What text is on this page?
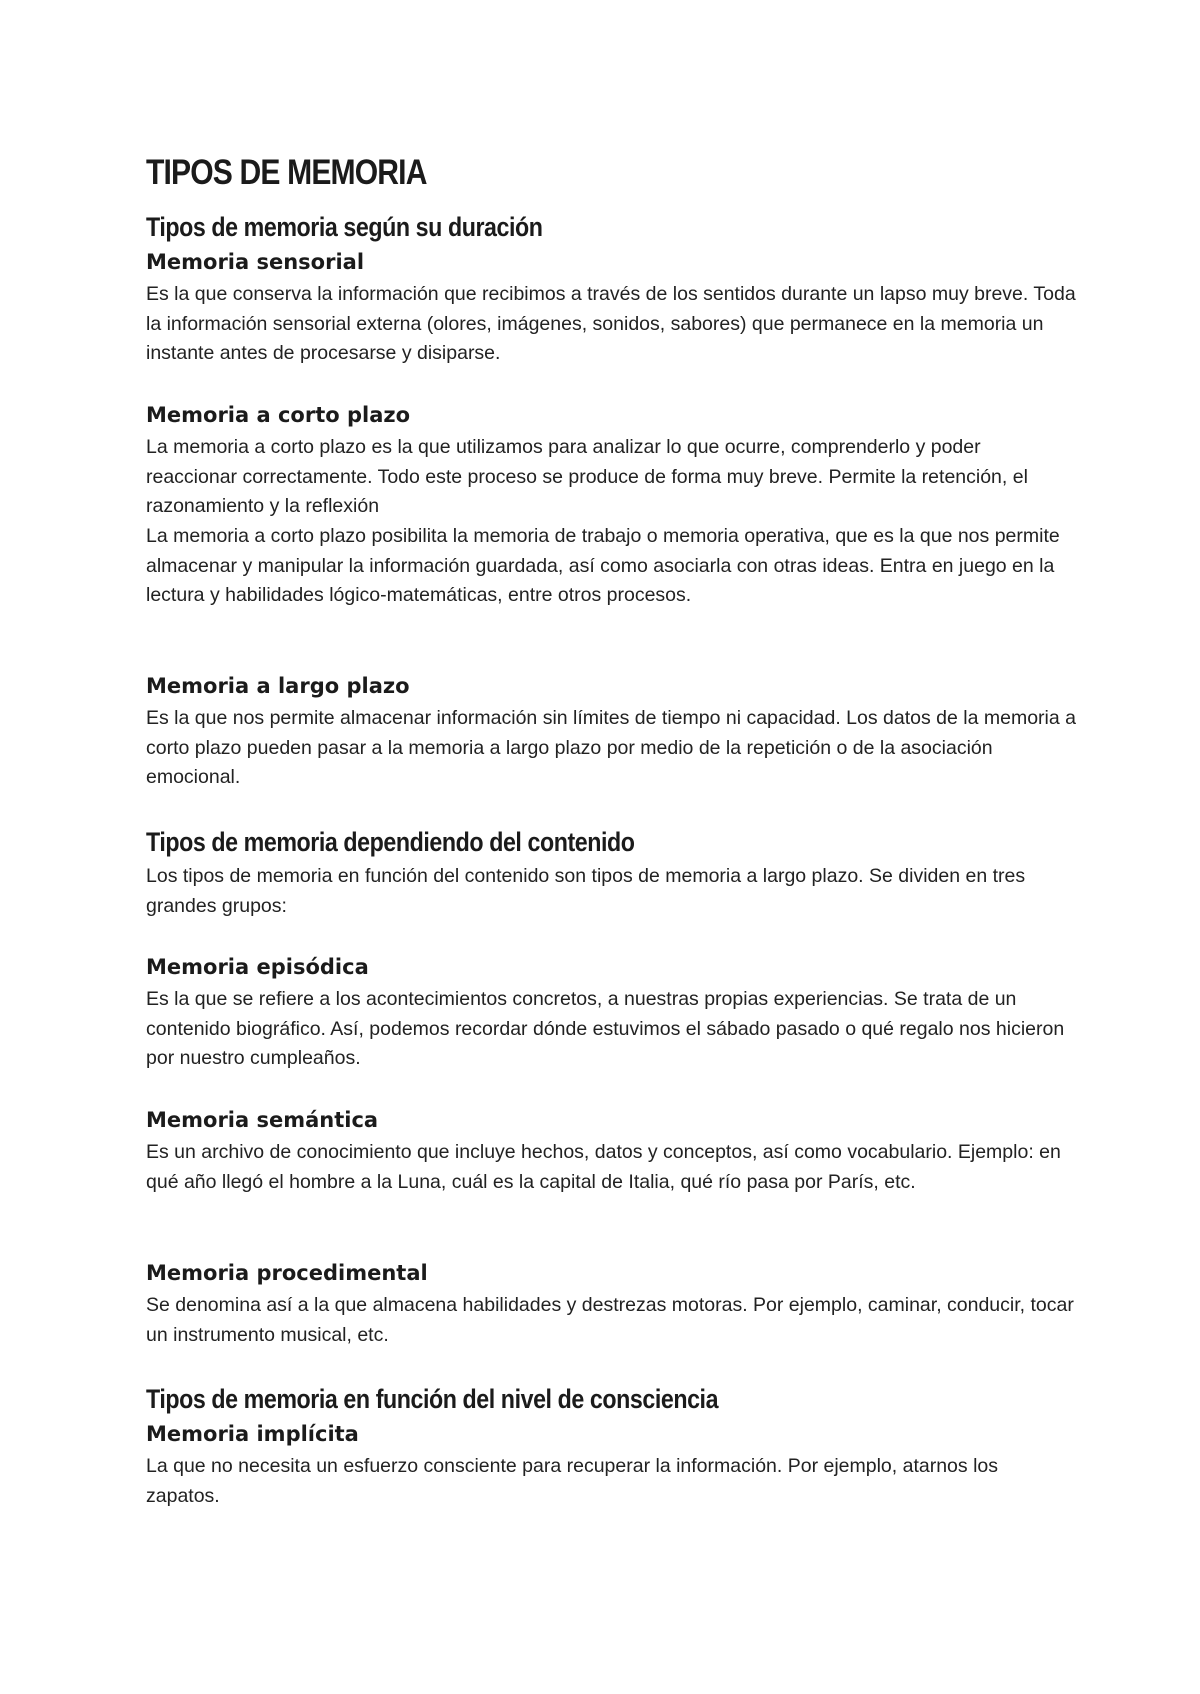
TIPOS DE MEMORIA
Tipos de memoria según su duración
Memoria sensorial

Es la que conserva la información que recibimos a través de los sentidos durante un lapso muy breve. Toda la información sensorial externa (olores, imágenes, sonidos, sabores) que permanece en la memoria un instante antes de procesarse y disiparse.

Memoria a corto plazo

La memoria a corto plazo es la que utilizamos para analizar lo que ocurre, comprenderlo y poder reaccionar correctamente. Todo este proceso se produce de forma muy breve. Permite la retención, el razonamiento y la reflexión

La memoria a corto plazo posibilita la memoria de trabajo o memoria operativa, que es la que nos permite almacenar y manipular la información guardada, así como asociarla con otras ideas. Entra en juego en la lectura y habilidades lógico-matemáticas, entre otros procesos.

Memoria a largo plazo

Es la que nos permite almacenar información sin límites de tiempo ni capacidad. Los datos de la memoria a corto plazo pueden pasar a la memoria a largo plazo por medio de la repetición o de la asociación emocional.

Tipos de memoria dependiendo del contenido

Los tipos de memoria en función del contenido son tipos de memoria a largo plazo. Se dividen en tres grandes grupos:

Memoria episódica

Es la que se refiere a los acontecimientos concretos, a nuestras propias experiencias. Se trata de un contenido biográfico. Así, podemos recordar dónde estuvimos el sábado pasado o qué regalo nos hicieron por nuestro cumpleaños.

Memoria semántica

Es un archivo de conocimiento que incluye hechos, datos y conceptos, así como vocabulario. Ejemplo: en qué año llegó el hombre a la Luna, cuál es la capital de Italia, qué río pasa por París, etc.

Memoria procedimental

Se denomina así a la que almacena habilidades y destrezas motoras. Por ejemplo, caminar, conducir, tocar un instrumento musical, etc.

Tipos de memoria en función del nivel de consciencia
Memoria implícita

La que no necesita un esfuerzo consciente para recuperar la información. Por ejemplo, atarnos los zapatos.
